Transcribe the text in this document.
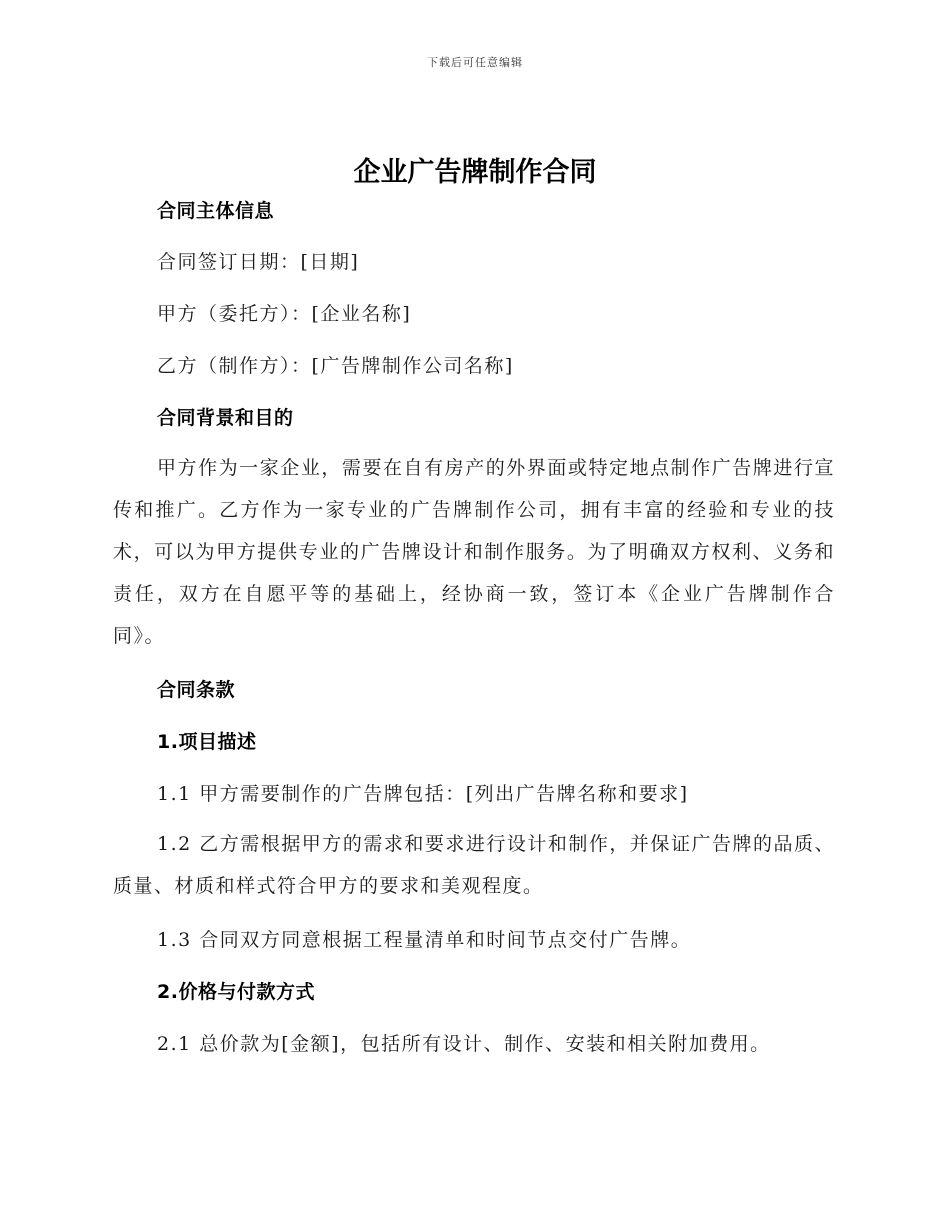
下载后可任意编辑
企业广告牌制作合同
合同主体信息
合同签订日期：[日期]
甲方（委托方）：[企业名称]
乙方（制作方）：[广告牌制作公司名称]
合同背景和目的
甲方作为一家企业，需要在自有房产的外界面或特定地点制作广告牌进行宣传和推广。乙方作为一家专业的广告牌制作公司，拥有丰富的经验和专业的技术，可以为甲方提供专业的广告牌设计和制作服务。为了明确双方权利、义务和责任，双方在自愿平等的基础上，经协商一致，签订本《企业广告牌制作合同》。
合同条款
1.项目描述
1.1 甲方需要制作的广告牌包括：[列出广告牌名称和要求]
1.2 乙方需根据甲方的需求和要求进行设计和制作，并保证广告牌的品质、质量、材质和样式符合甲方的要求和美观程度。
1.3 合同双方同意根据工程量清单和时间节点交付广告牌。
2.价格与付款方式
2.1 总价款为[金额]，包括所有设计、制作、安装和相关附加费用。
